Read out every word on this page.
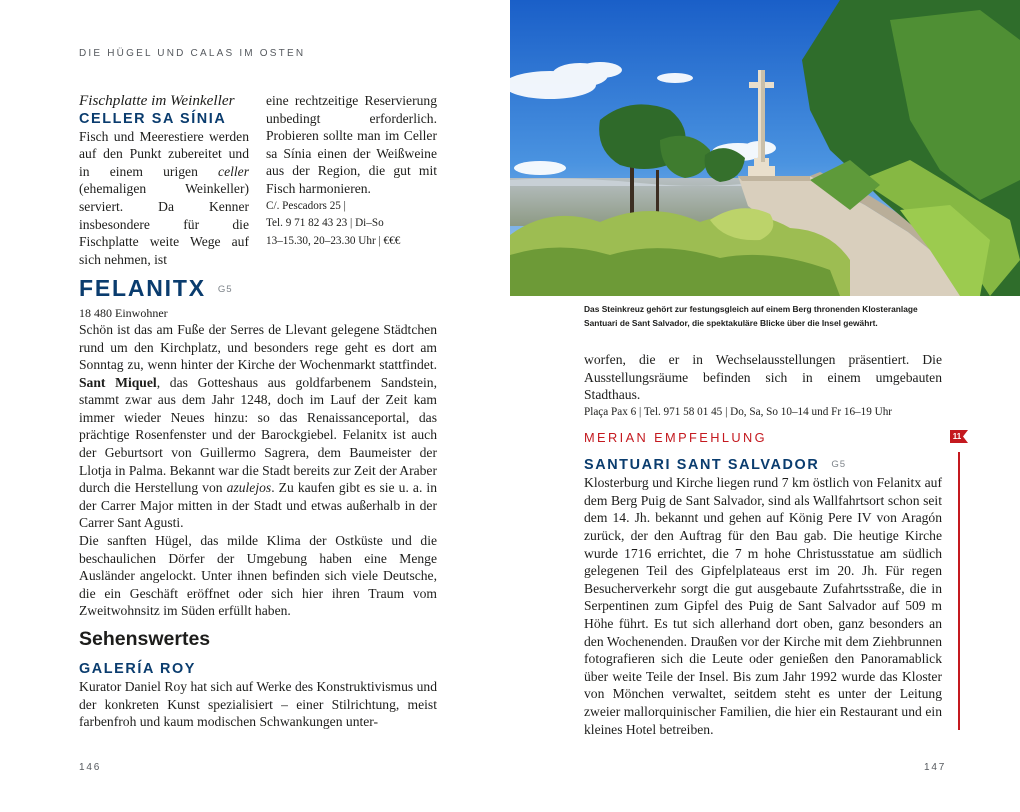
DIE HÜGEL UND CALAS IM OSTEN
Fischplatte im Weinkeller
CELLER SA SÍNIA

Fisch und Meerestiere werden auf den Punkt zubereitet und in einem urigen celler (ehemaligen Weinkeller) serviert. Da Kenner insbesondere für die Fischplatte weite Wege auf sich nehmen, ist

eine rechtzeitige Reservierung unbedingt erforderlich. Probieren sollte man im Celler sa Sínia einen der Weißweine aus der Region, die gut mit Fisch harmonieren.

C/. Pescadors 25 |
Tel. 9 71 82 43 23 | Di–So
13–15.30, 20–23.30 Uhr | €€€
FELANITX G5
18 480 Einwohner

Schön ist das am Fuße der Serres de Llevant gelegene Städtchen rund um den Kirchplatz, und besonders rege geht es dort am Sonntag zu, wenn hinter der Kirche der Wochenmarkt stattfindet. Sant Miquel, das Gotteshaus aus goldfarbenem Sandstein, stammt zwar aus dem Jahr 1248, doch im Lauf der Zeit kam immer wieder Neues hinzu: so das Renaissanceportal, das prächtige Rosenfenster und der Barockgiebel. Felanitx ist auch der Geburtsort von Guillermo Sagrera, dem Baumeister der Llotja in Palma. Bekannt war die Stadt bereits zur Zeit der Araber durch die Herstellung von azulejos. Zu kaufen gibt es sie u. a. in der Carrer Major mitten in der Stadt und etwas außerhalb in der Carrer Sant Agusti.

Die sanften Hügel, das milde Klima der Ostküste und die beschaulichen Dörfer der Umgebung haben eine Menge Ausländer angelockt. Unter ihnen befinden sich viele Deutsche, die ein Geschäft eröffnet oder sich hier ihren Traum vom Zweitwohnsitz im Süden erfüllt haben.

Sehenswertes
GALERÍA ROY

Kurator Daniel Roy hat sich auf Werke des Konstruktivismus und der konkreten Kunst spezialisiert – einer Stilrichtung, meist farbenfroh und kaum modischen Schwankungen unter-

146
Das Steinkreuz gehört zur festungsgleich auf einem Berg thronenden Klosteranlage Santuari de Sant Salvador, die spektakuläre Blicke über die Insel gewährt.

worfen, die er in Wechselausstellungen präsentiert. Die Ausstellungsräume befinden sich in einem umgebauten Stadthaus.

Plaça Pax 6 | Tel. 971 58 01 45 | Do, Sa, So 10–14 und Fr 16–19 Uhr
MERIAN EMPFEHLUNG
SANTUARI SANT SALVADOR G5

Klosterburg und Kirche liegen rund 7 km östlich von Felanitx auf dem Berg Puig de Sant Salvador, sind als Wallfahrtsort schon seit dem 14. Jh. bekannt und gehen auf König Pere IV von Aragón zurück, der den Auftrag für den Bau gab. Die heutige Kirche wurde 1716 errichtet, die 7 m hohe Christusstatue am südlich gelegenen Teil des Gipfelplateaus erst im 20. Jh. Für regen Besucherverkehr sorgt die gut ausgebaute Zufahrtsstraße, die in Serpentinen zum Gipfel des Puig de Sant Salvador auf 509 m Höhe führt. Es tut sich allerhand dort oben, ganz besonders an den Wochenenden. Draußen vor der Kirche mit dem Ziehbrunnen fotografieren sich die Leute oder genießen den Panoramablick über weite Teile der Insel. Bis zum Jahr 1992 wurde das Kloster von Mönchen verwaltet, seitdem steht es unter der Leitung zweier mallorquinischer Familien, die hier ein Restaurant und ein kleines Hotel betreiben.

11
147
